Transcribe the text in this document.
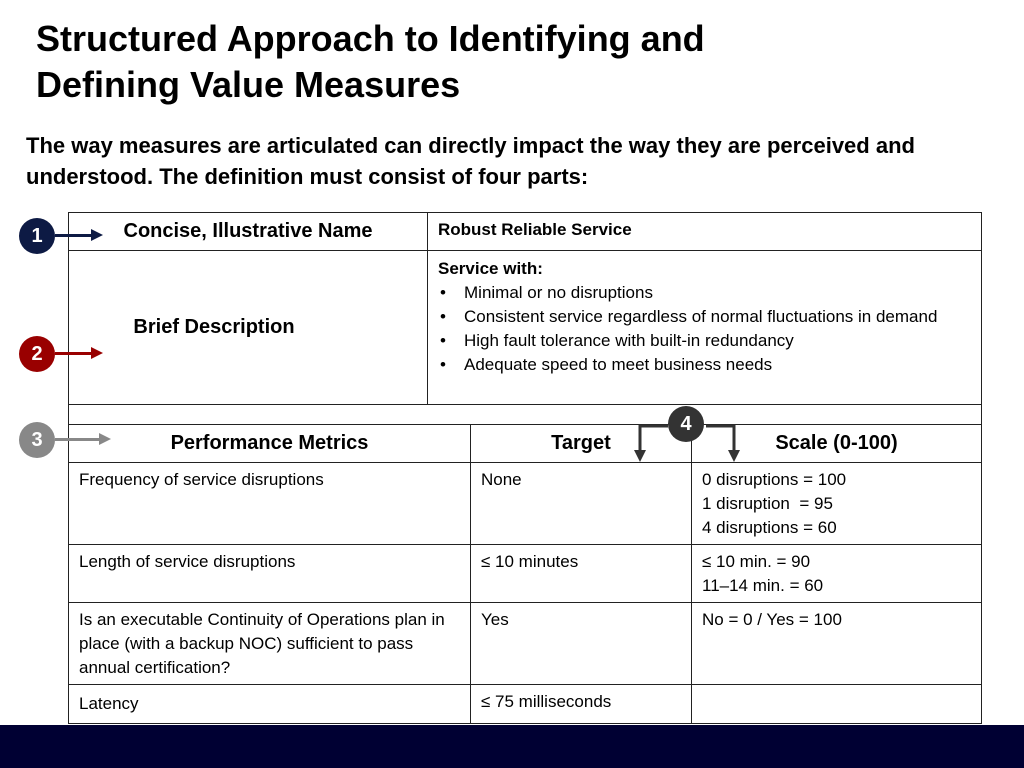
Structured Approach to Identifying and Defining Value Measures

The way measures are articulated can directly impact the way they are perceived and understood. The definition must consist of four parts:

Concise, Illustrative Name	Robust Reliable Service
Brief Description
Service with:
• Minimal or no disruptions
• Consistent service regardless of normal fluctuations in demand
• High fault tolerance with built-in redundancy
• Adequate speed to meet business needs
Performance Metrics	Target	Scale (0-100)
Frequency of service disruptions	None	0 disruptions = 100
1 disruption  = 95
4 disruptions = 60
Length of service disruptions	≤ 10 minutes	≤ 10 min. = 90
11–14 min. = 60
Is an executable Continuity of Operations plan in place (with a backup NOC) sufficient to pass annual certification?
Yes	No = 0 / Yes = 100
Latency	≤ 75 milliseconds
1
2
3
4
